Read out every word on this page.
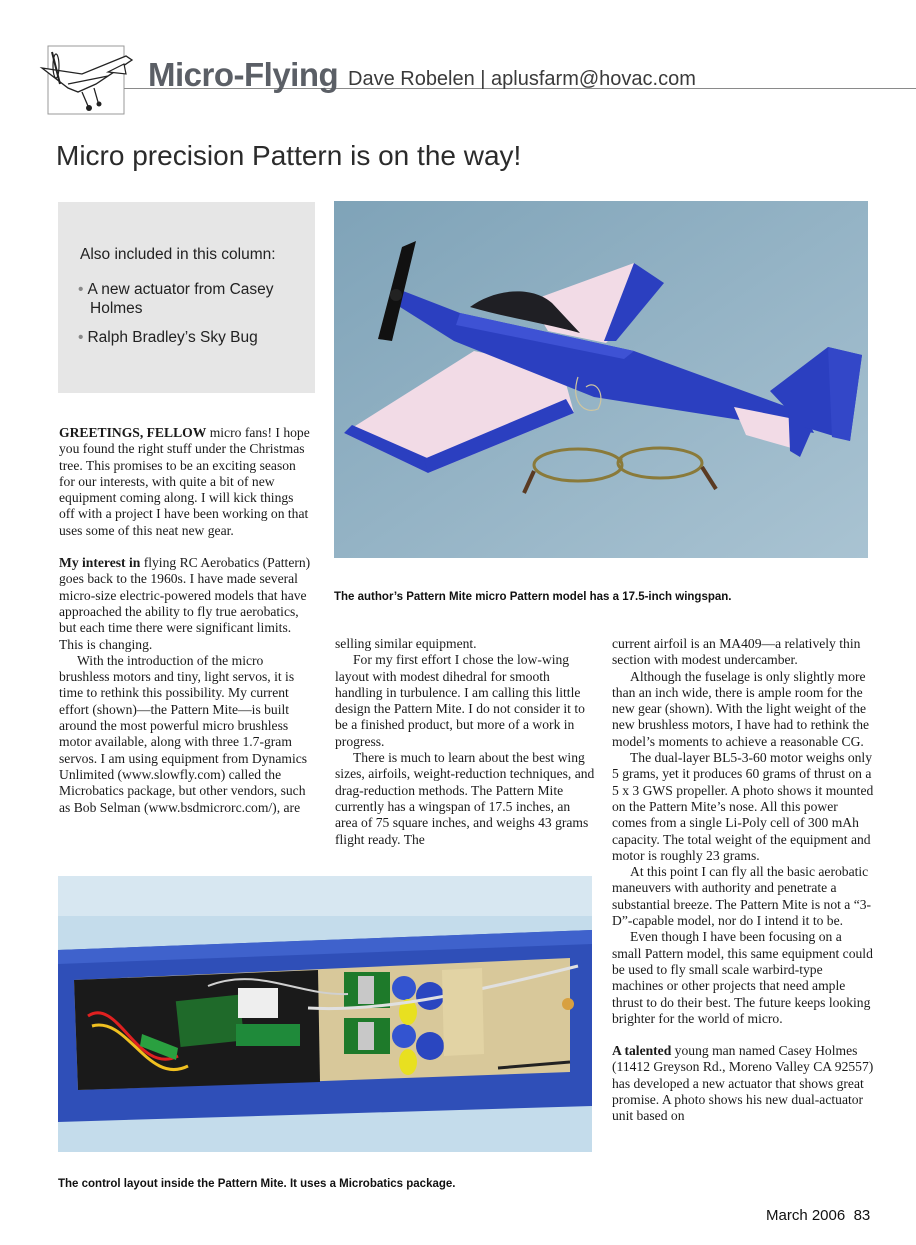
Micro-Flying Dave Robelen | aplusfarm@hovac.com
Micro precision Pattern is on the way!
Also included in this column:
• A new actuator from Casey Holmes
• Ralph Bradley’s Sky Bug
The author’s Pattern Mite micro Pattern model has a 17.5-inch wingspan.
The control layout inside the Pattern Mite. It uses a Microbatics package.

GREETINGS, FELLOW micro fans! I hope you found the right stuff under the Christmas tree. This promises to be an exciting season for our interests, with quite a bit of new equipment coming along. I will kick things off with a project I have been working on that uses some of this neat new gear.

My interest in flying RC Aerobatics (Pattern) goes back to the 1960s. I have made several micro-size electric-powered models that have approached the ability to fly true aerobatics, but each time there were significant limits. This is changing.

With the introduction of the micro brushless motors and tiny, light servos, it is time to rethink this possibility. My current effort (shown)—the Pattern Mite—is built around the most powerful micro brushless motor available, along with three 1.7-gram servos. I am using equipment from Dynamics Unlimited (www.slowfly.com) called the Microbatics package, but other vendors, such as Bob Selman (www.bsdmicrorc.com/), are

selling similar equipment.

For my first effort I chose the low-wing layout with modest dihedral for smooth handling in turbulence. I am calling this little design the Pattern Mite. I do not consider it to be a finished product, but more of a work in progress.

There is much to learn about the best wing sizes, airfoils, weight-reduction techniques, and drag-reduction methods. The Pattern Mite currently has a wingspan of 17.5 inches, an area of 75 square inches, and weighs 43 grams flight ready. The

current airfoil is an MA409—a relatively thin section with modest undercamber.

Although the fuselage is only slightly more than an inch wide, there is ample room for the new gear (shown). With the light weight of the new brushless motors, I have had to rethink the model’s moments to achieve a reasonable CG.

The dual-layer BL5-3-60 motor weighs only 5 grams, yet it produces 60 grams of thrust on a 5 x 3 GWS propeller. A photo shows it mounted on the Pattern Mite’s nose. All this power comes from a single Li-Poly cell of 300 mAh capacity. The total weight of the equipment and motor is roughly 23 grams.

At this point I can fly all the basic aerobatic maneuvers with authority and penetrate a substantial breeze. The Pattern Mite is not a “3-D”-capable model, nor do I intend it to be.

Even though I have been focusing on a small Pattern model, this same equipment could be used to fly small scale warbird-type machines or other projects that need ample thrust to do their best. The future keeps looking brighter for the world of micro.

A talented young man named Casey Holmes (11412 Greyson Rd., Moreno Valley CA 92557) has developed a new actuator that shows great promise. A photo shows his new dual-actuator unit based on

March 2006 83
